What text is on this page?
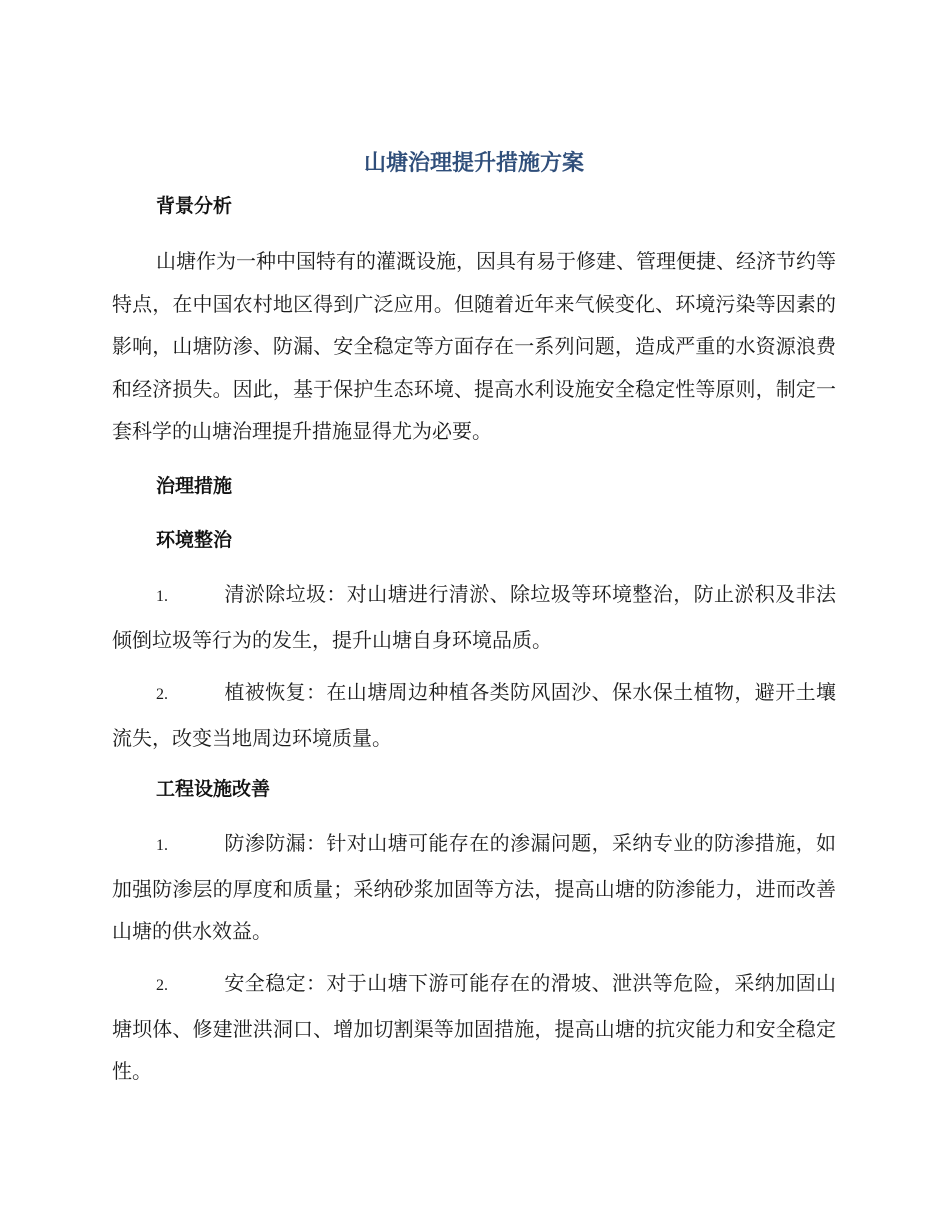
山塘治理提升措施方案
背景分析
山塘作为一种中国特有的灌溉设施，因具有易于修建、管理便捷、经济节约等特点，在中国农村地区得到广泛应用。但随着近年来气候变化、环境污染等因素的影响，山塘防渗、防漏、安全稳定等方面存在一系列问题，造成严重的水资源浪费和经济损失。因此，基于保护生态环境、提高水利设施安全稳定性等原则，制定一套科学的山塘治理提升措施显得尤为必要。
治理措施
环境整治
1.	清淤除垃圾：对山塘进行清淤、除垃圾等环境整治，防止淤积及非法倾倒垃圾等行为的发生，提升山塘自身环境品质。
2.	植被恢复：在山塘周边种植各类防风固沙、保水保土植物，避开土壤流失，改变当地周边环境质量。
工程设施改善
1.	防渗防漏：针对山塘可能存在的渗漏问题，采纳专业的防渗措施，如加强防渗层的厚度和质量；采纳砂浆加固等方法，提高山塘的防渗能力，进而改善山塘的供水效益。
2.	安全稳定：对于山塘下游可能存在的滑坡、泄洪等危险，采纳加固山塘坝体、修建泄洪洞口、增加切割渠等加固措施，提高山塘的抗灾能力和安全稳定性。
